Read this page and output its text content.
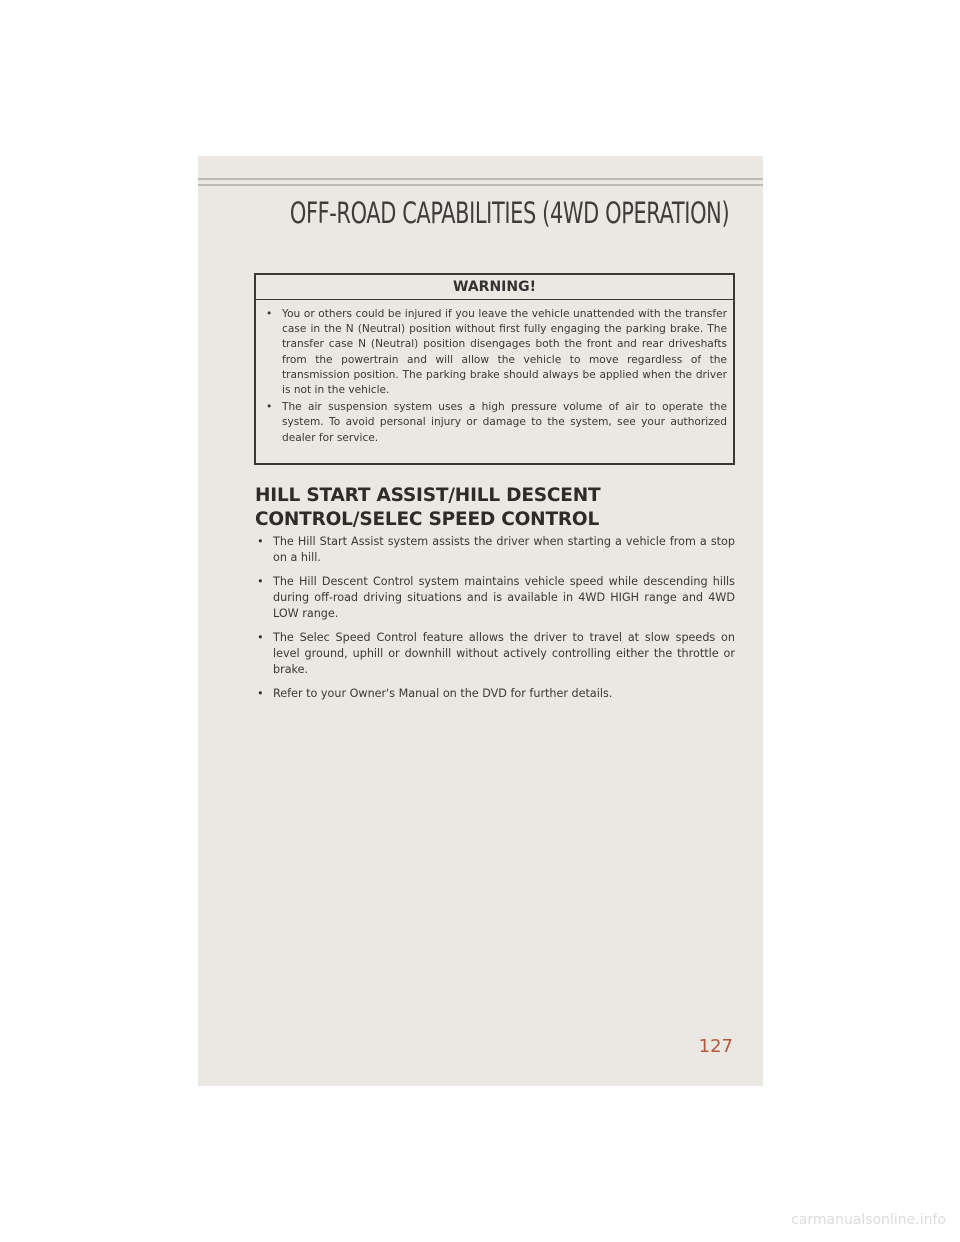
OFF-ROAD CAPABILITIES (4WD OPERATION)
WARNING!
• You or others could be injured if you leave the vehicle unattended with the transfer case in the N (Neutral) position without first fully engaging the parking brake. The transfer case N (Neutral) position disengages both the front and rear driveshafts from the powertrain and will allow the vehicle to move regardless of the transmission position. The parking brake should always be applied when the driver is not in the vehicle.
• The air suspension system uses a high pressure volume of air to operate the system. To avoid personal injury or damage to the system, see your authorized dealer for service.
HILL START ASSIST/HILL DESCENT CONTROL/SELEC SPEED CONTROL
• The Hill Start Assist system assists the driver when starting a vehicle from a stop on a hill.
• The Hill Descent Control system maintains vehicle speed while descending hills during off-road driving situations and is available in 4WD HIGH range and 4WD LOW range.
• The Selec Speed Control feature allows the driver to travel at slow speeds on level ground, uphill or downhill without actively controlling either the throttle or brake.
• Refer to your Owner's Manual on the DVD for further details.
127
carmanualsonline.info
